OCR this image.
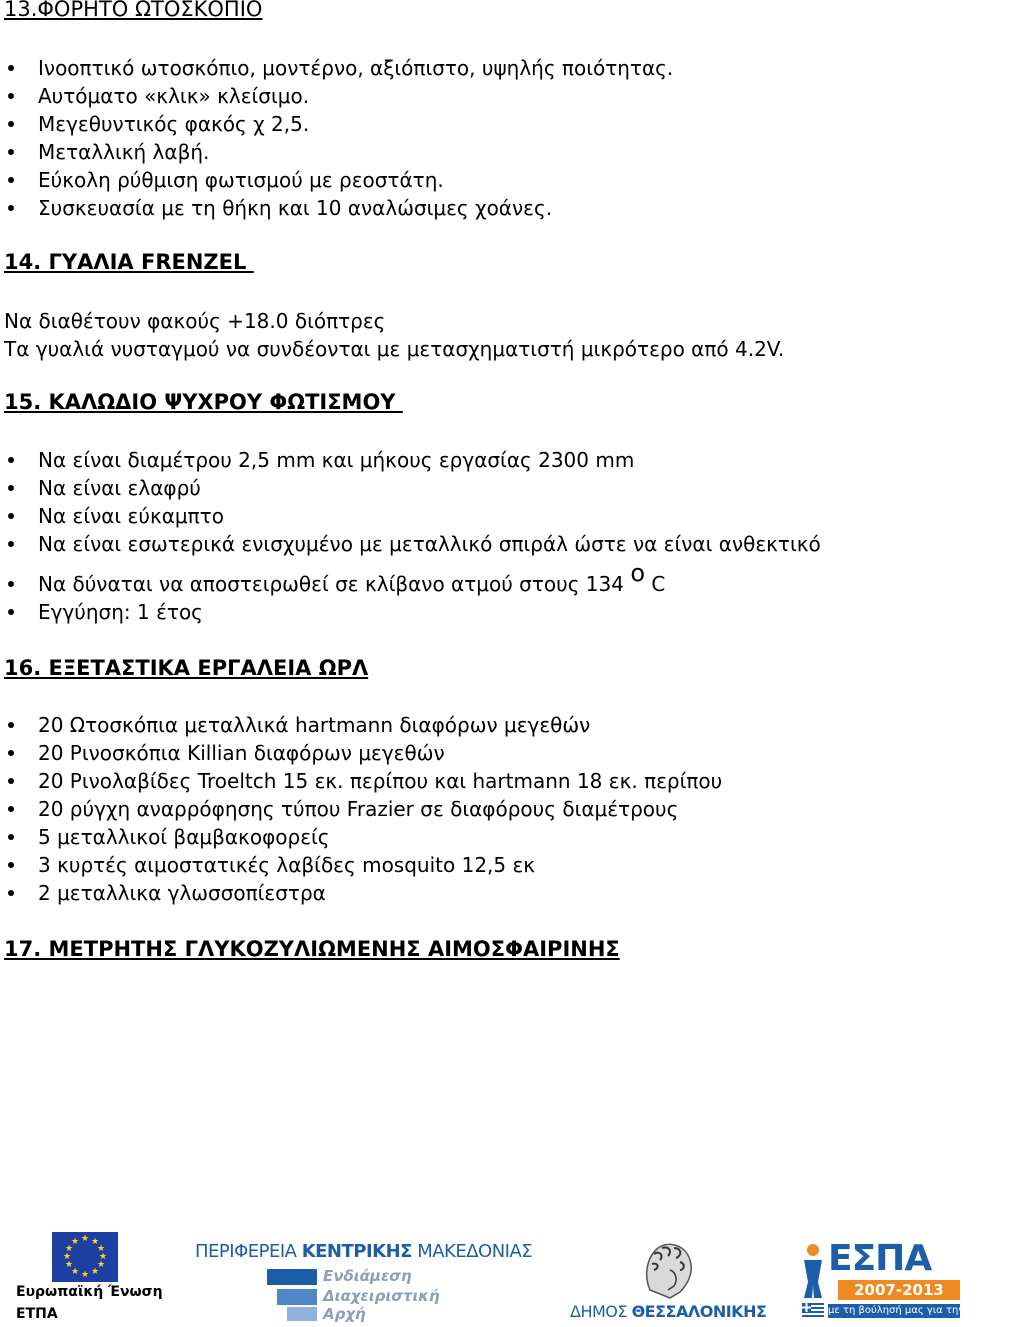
13.ΦΟΡΗΤΟ ΩΤΟΣΚΟΠΙΟ
Ινοοπτικό ωτοσκόπιο, μοντέρνο, αξιόπιστο, υψηλής ποιότητας.
Αυτόματο «κλικ» κλείσιμο.
Μεγεθυντικός φακός χ 2,5.
Μεταλλική λαβή.
Εύκολη ρύθμιση φωτισμού με ρεοστάτη.
Συσκευασία με τη θήκη και 10 αναλώσιμες χοάνες.
14. ΓΥΑΛΙΑ FRENZEL

Να διαθέτουν φακούς +18.0 διόπτρες

Τα γυαλιά νυσταγμού να συνδέονται με μετασχηματιστή μικρότερο από 4.2V.

15. ΚΑΛΩΔΙΟ ΨΥΧΡΟΥ ΦΩΤΙΣΜΟΥ
Να είναι διαμέτρου 2,5 mm και μήκους εργασίας 2300 mm
Να είναι ελαφρύ
Να είναι εύκαμπτο
Να είναι εσωτερικά ενισχυμένο με μεταλλικό σπιράλ ώστε να είναι ανθεκτικό
Να δύναται να αποστειρωθεί σε κλίβανο ατμού στους 134 $^o$ C
Εγγύηση: 1 έτος
16. ΕΞΕΤΑΣΤΙΚΑ ΕΡΓΑΛΕΙΑ ΩΡΛ
20 Ωτοσκόπια μεταλλικά hartmann διαφόρων μεγεθών
20 Ρινοσκόπια Killian διαφόρων μεγεθών
20 Ρινολαβίδες Troeltch 15 εκ. περίπου και hartmann 18 εκ. περίπου
20 ρύγχη αναρρόφησης τύπου Frazier σε διαφόρους διαμέτρους
5 μεταλλικοί βαμβακοφορείς
3 κυρτές αιμοστατικές λαβίδες mosquito 12,5 εκ
2 μεταλλικα γλωσσοπίεστρα
17. ΜΕΤΡΗΤΗΣ ΓΛΥΚΟΖΥΛΙΩΜΕΝΗΣ ΑΙΜΟΣΦΑΙΡΙΝΗΣ
★ ★
★
★
★
★
★
★
★
★
★
★
Ευρωπαϊκή Ένωση
ΕΤΠΑ
ΠΕΡΙΦΕΡΕΙΑ ΚΕΝΤΡΙΚΗΣ ΜΑΚΕΔΟΝΙΑΣ
Ενδιάμεση
Διαχειριστική
Αρχή	ΔΗΜΟΣ ΘΕΣΣΑΛΟΝΙΚΗΣ
ΕΣΠΑ
2007-2013
με τη βούλησή μας για την ανάπτυξη
